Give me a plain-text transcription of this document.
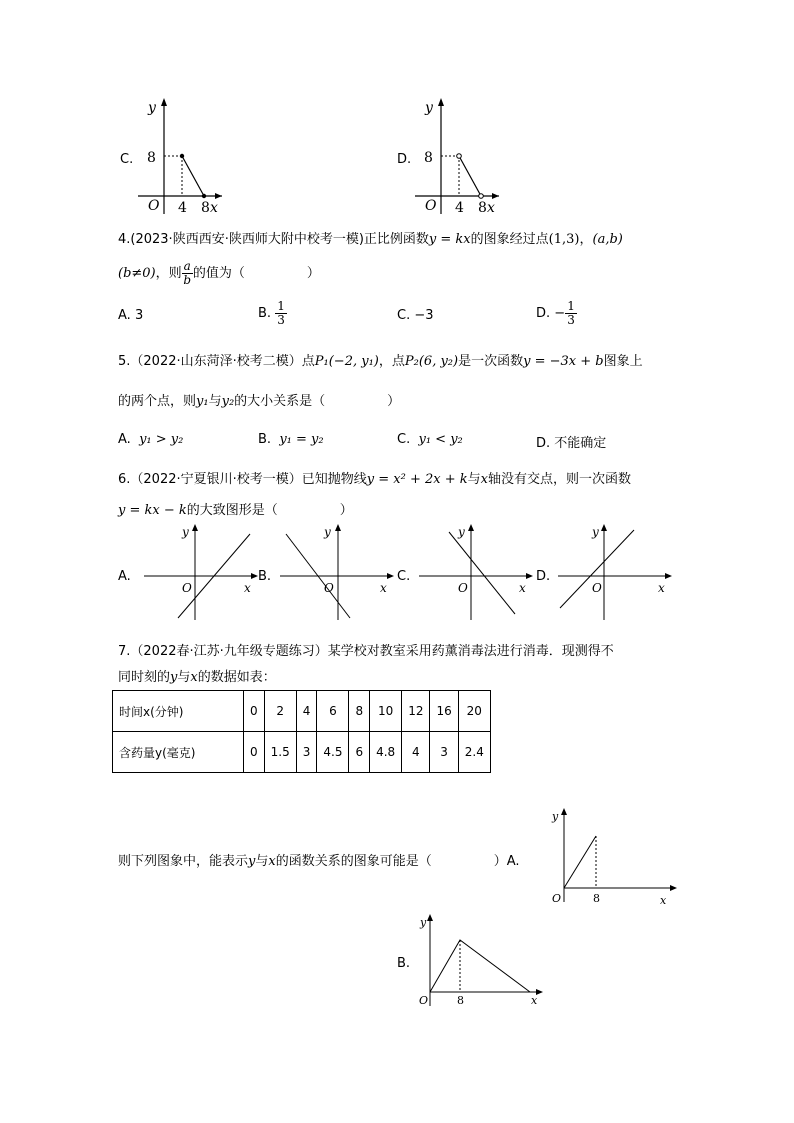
C.
y
8
O 4 8 x
D.
y
8
O 4 8 x
4.(2023·陕西西安·陕西师大附中校考一模)正比例函数y = kx的图象经过点(1,3)，(a,b)
(b≠0)，则 $\frac{a}{b}$ 的值为（	）
A. 3	B. $\frac{1}{3}$	C. −3	D. − $\frac{1}{3}$
5.（2022·山东菏泽·校考二模）点P₁(−2, y₁)，点P₂(6, y₂)是一次函数y = −3x + b图象上
的两个点，则y₁与y₂的大小关系是（	）
A. y₁ > y₂	B. y₁ = y₂	C. y₁ < y₂	D. 不能确定
6.（2022·宁夏银川·校考一模）已知抛物线y = x² + 2x + k与x轴没有交点，则一次函数
y = kx − k的大致图形是（	）
A.
y
O	x
B.
y
O	x
C.
y
O	x
D.
y
O	x
7.（2022春·江苏·九年级专题练习）某学校对教室采用药薰消毒法进行消毒．现测得不
同时刻的y与x的数据如表：
时间x(分钟)	0	2	4	6	8	10	12	16	20
含药量y(毫克)	0	1.5	3	4.5	6	4.8	4	3	2.4
则下列图象中，能表示y与x的函数关系的图象可能是（	）A.
y
O	8	x
B.
y
O	8	x
